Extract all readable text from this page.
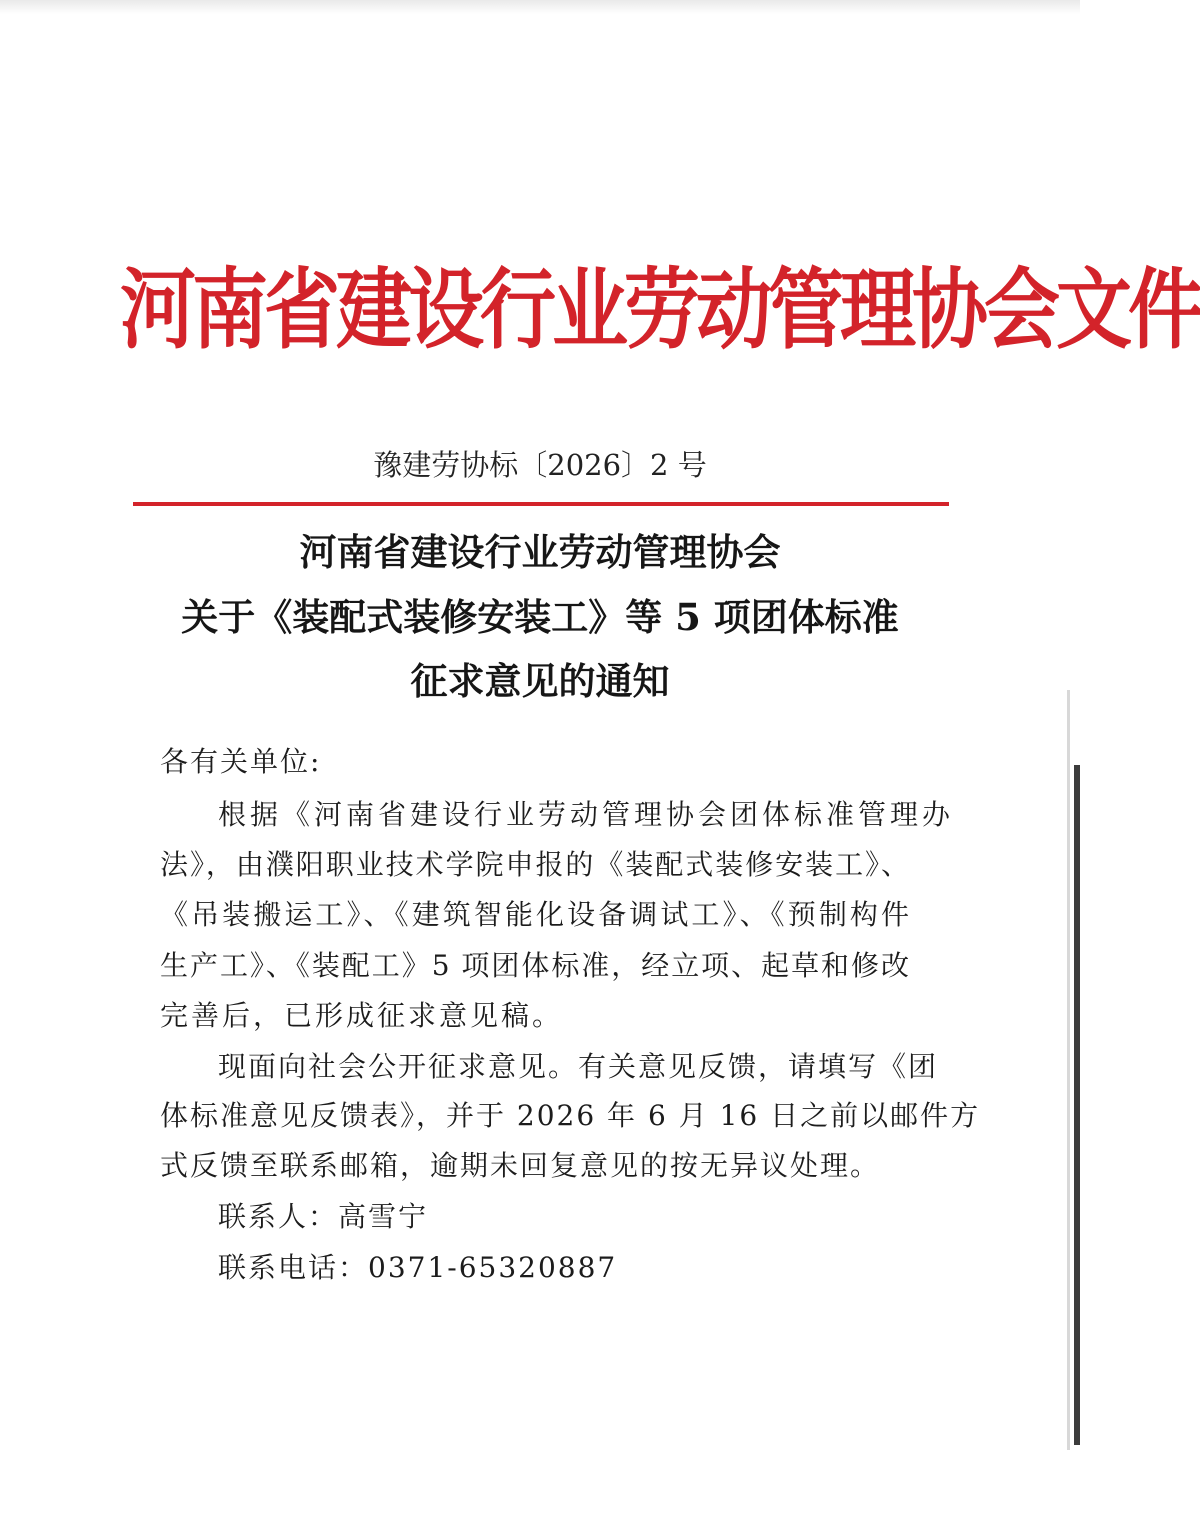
河南省建设行业劳动管理协会文件
豫建劳协标〔2026〕2 号
河南省建设行业劳动管理协会
关于《装配式装修安装工》等 5 项团体标准
征求意见的通知
各有关单位:
根据《河南省建设行业劳动管理协会团体标准管理办
法》，由濮阳职业技术学院申报的《装配式装修安装工》、
《吊装搬运工》、《建筑智能化设备调试工》、《预制构件
生产工》、《装配工》5 项团体标准，经立项、起草和修改
完善后，已形成征求意见稿。
现面向社会公开征求意见。有关意见反馈，请填写《团
体标准意见反馈表》，并于 2026 年 6 月 16 日之前以邮件方
式反馈至联系邮箱，逾期未回复意见的按无异议处理。
联系人：高雪宁
联系电话：0371-65320887
